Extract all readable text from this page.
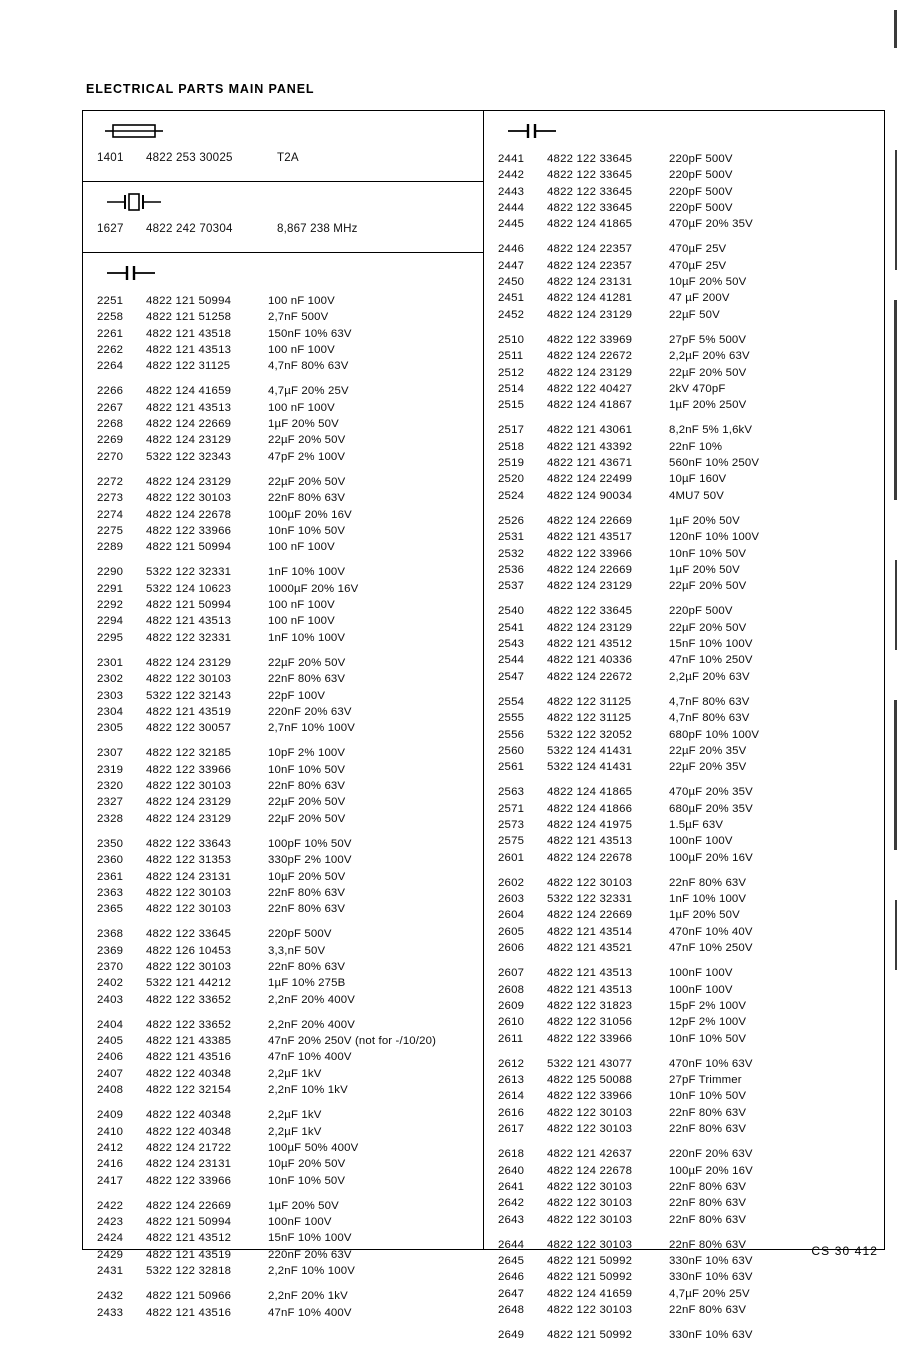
ELECTRICAL PARTS MAIN PANEL
1401	4822 253 30025	T2A
1627	4822 242 70304	8,867 238 MHz
2251	4822 121 50994	100 nF 100V
2258	4822 121 51258	2,7nF 500V
2261	4822 121 43518	150nF 10% 63V
2262	4822 121 43513	100 nF 100V
2264	4822 122 31125	4,7nF 80% 63V
2266	4822 124 41659	4,7µF 20% 25V
2267	4822 121 43513	100 nF 100V
2268	4822 124 22669	1µF 20% 50V
2269	4822 124 23129	22µF 20% 50V
2270	5322 122 32343	47pF 2% 100V
2272	4822 124 23129	22µF 20% 50V
2273	4822 122 30103	22nF 80% 63V
2274	4822 124 22678	100µF 20% 16V
2275	4822 122 33966	10nF 10% 50V
2289	4822 121 50994	100 nF 100V
2290	5322 122 32331	1nF 10% 100V
2291	5322 124 10623	1000µF 20% 16V
2292	4822 121 50994	100 nF 100V
2294	4822 121 43513	100 nF 100V
2295	4822 122 32331	1nF 10% 100V
2301	4822 124 23129	22µF 20% 50V
2302	4822 122 30103	22nF 80% 63V
2303	5322 122 32143	22pF 100V
2304	4822 121 43519	220nF 20% 63V
2305	4822 122 30057	2,7nF 10% 100V
2307	4822 122 32185	10pF 2% 100V
2319	4822 122 33966	10nF 10% 50V
2320	4822 122 30103	22nF 80% 63V
2327	4822 124 23129	22µF 20% 50V
2328	4822 124 23129	22µF 20% 50V
2350	4822 122 33643	100pF 10% 50V
2360	4822 122 31353	330pF 2% 100V
2361	4822 124 23131	10µF 20% 50V
2363	4822 122 30103	22nF 80% 63V
2365	4822 122 30103	22nF 80% 63V
2368	4822 122 33645	220pF 500V
2369	4822 126 10453	3,3,nF 50V
2370	4822 122 30103	22nF 80% 63V
2402	5322 121 44212	1µF 10% 275B
2403	4822 122 33652	2,2nF 20% 400V
2404	4822 122 33652	2,2nF 20% 400V
2405	4822 121 43385	47nF 20% 250V (not for -/10/20)
2406	4822 121 43516	47nF 10% 400V
2407	4822 122 40348	2,2µF 1kV
2408	4822 122 32154	2,2nF 10% 1kV
2409	4822 122 40348	2,2µF 1kV
2410	4822 122 40348	2,2µF 1kV
2412	4822 124 21722	100µF 50% 400V
2416	4822 124 23131	10µF 20% 50V
2417	4822 122 33966	10nF 10% 50V
2422	4822 124 22669	1µF 20% 50V
2423	4822 121 50994	100nF 100V
2424	4822 121 43512	15nF 10% 100V
2429	4822 121 43519	220nF 20% 63V
2431	5322 122 32818	2,2nF 10% 100V
2432	4822 121 50966	2,2nF 20% 1kV
2433	4822 121 43516	47nF 10% 400V
2441	4822 122 33645	220pF 500V
2442	4822 122 33645	220pF 500V
2443	4822 122 33645	220pF 500V
2444	4822 122 33645	220pF 500V
2445	4822 124 41865	470µF 20% 35V
2446	4822 124 22357	470µF 25V
2447	4822 124 22357	470µF 25V
2450	4822 124 23131	10µF 20% 50V
2451	4822 124 41281	47 µF 200V
2452	4822 124 23129	22µF 50V
2510	4822 122 33969	27pF 5% 500V
2511	4822 124 22672	2,2µF 20% 63V
2512	4822 124 23129	22µF 20% 50V
2514	4822 122 40427	2kV 470pF
2515	4822 124 41867	1µF 20% 250V
2517	4822 121 43061	8,2nF 5% 1,6kV
2518	4822 121 43392	22nF 10%
2519	4822 121 43671	560nF 10% 250V
2520	4822 124 22499	10µF 160V
2524	4822 124 90034	4MU7 50V
2526	4822 124 22669	1µF 20% 50V
2531	4822 121 43517	120nF 10% 100V
2532	4822 122 33966	10nF 10% 50V
2536	4822 124 22669	1µF 20% 50V
2537	4822 124 23129	22µF 20% 50V
2540	4822 122 33645	220pF 500V
2541	4822 124 23129	22µF 20% 50V
2543	4822 121 43512	15nF 10% 100V
2544	4822 121 40336	47nF 10% 250V
2547	4822 124 22672	2,2µF 20% 63V
2554	4822 122 31125	4,7nF 80% 63V
2555	4822 122 31125	4,7nF 80% 63V
2556	5322 122 32052	680pF 10% 100V
2560	5322 124 41431	22µF 20% 35V
2561	5322 124 41431	22µF 20% 35V
2563	4822 124 41865	470µF 20% 35V
2571	4822 124 41866	680µF 20% 35V
2573	4822 124 41975	1.5µF 63V
2575	4822 121 43513	100nF 100V
2601	4822 124 22678	100µF 20% 16V
2602	4822 122 30103	22nF 80% 63V
2603	5322 122 32331	1nF 10% 100V
2604	4822 124 22669	1µF 20% 50V
2605	4822 121 43514	470nF 10% 40V
2606	4822 121 43521	47nF 10% 250V
2607	4822 121 43513	100nF 100V
2608	4822 121 43513	100nF 100V
2609	4822 122 31823	15pF 2% 100V
2610	4822 122 31056	12pF 2% 100V
2611	4822 122 33966	10nF 10% 50V
2612	5322 121 43077	470nF 10% 63V
2613	4822 125 50088	27pF Trimmer
2614	4822 122 33966	10nF 10% 50V
2616	4822 122 30103	22nF 80% 63V
2617	4822 122 30103	22nF 80% 63V
2618	4822 121 42637	220nF 20% 63V
2640	4822 124 22678	100µF 20% 16V
2641	4822 122 30103	22nF 80% 63V
2642	4822 122 30103	22nF 80% 63V
2643	4822 122 30103	22nF 80% 63V
2644	4822 122 30103	22nF 80% 63V
2645	4822 121 50992	330nF 10% 63V
2646	4822 121 50992	330nF 10% 63V
2647	4822 124 41659	4,7µF 20% 25V
2648	4822 122 30103	22nF 80% 63V
2649	4822 121 50992	330nF 10% 63V
CS 30 412
